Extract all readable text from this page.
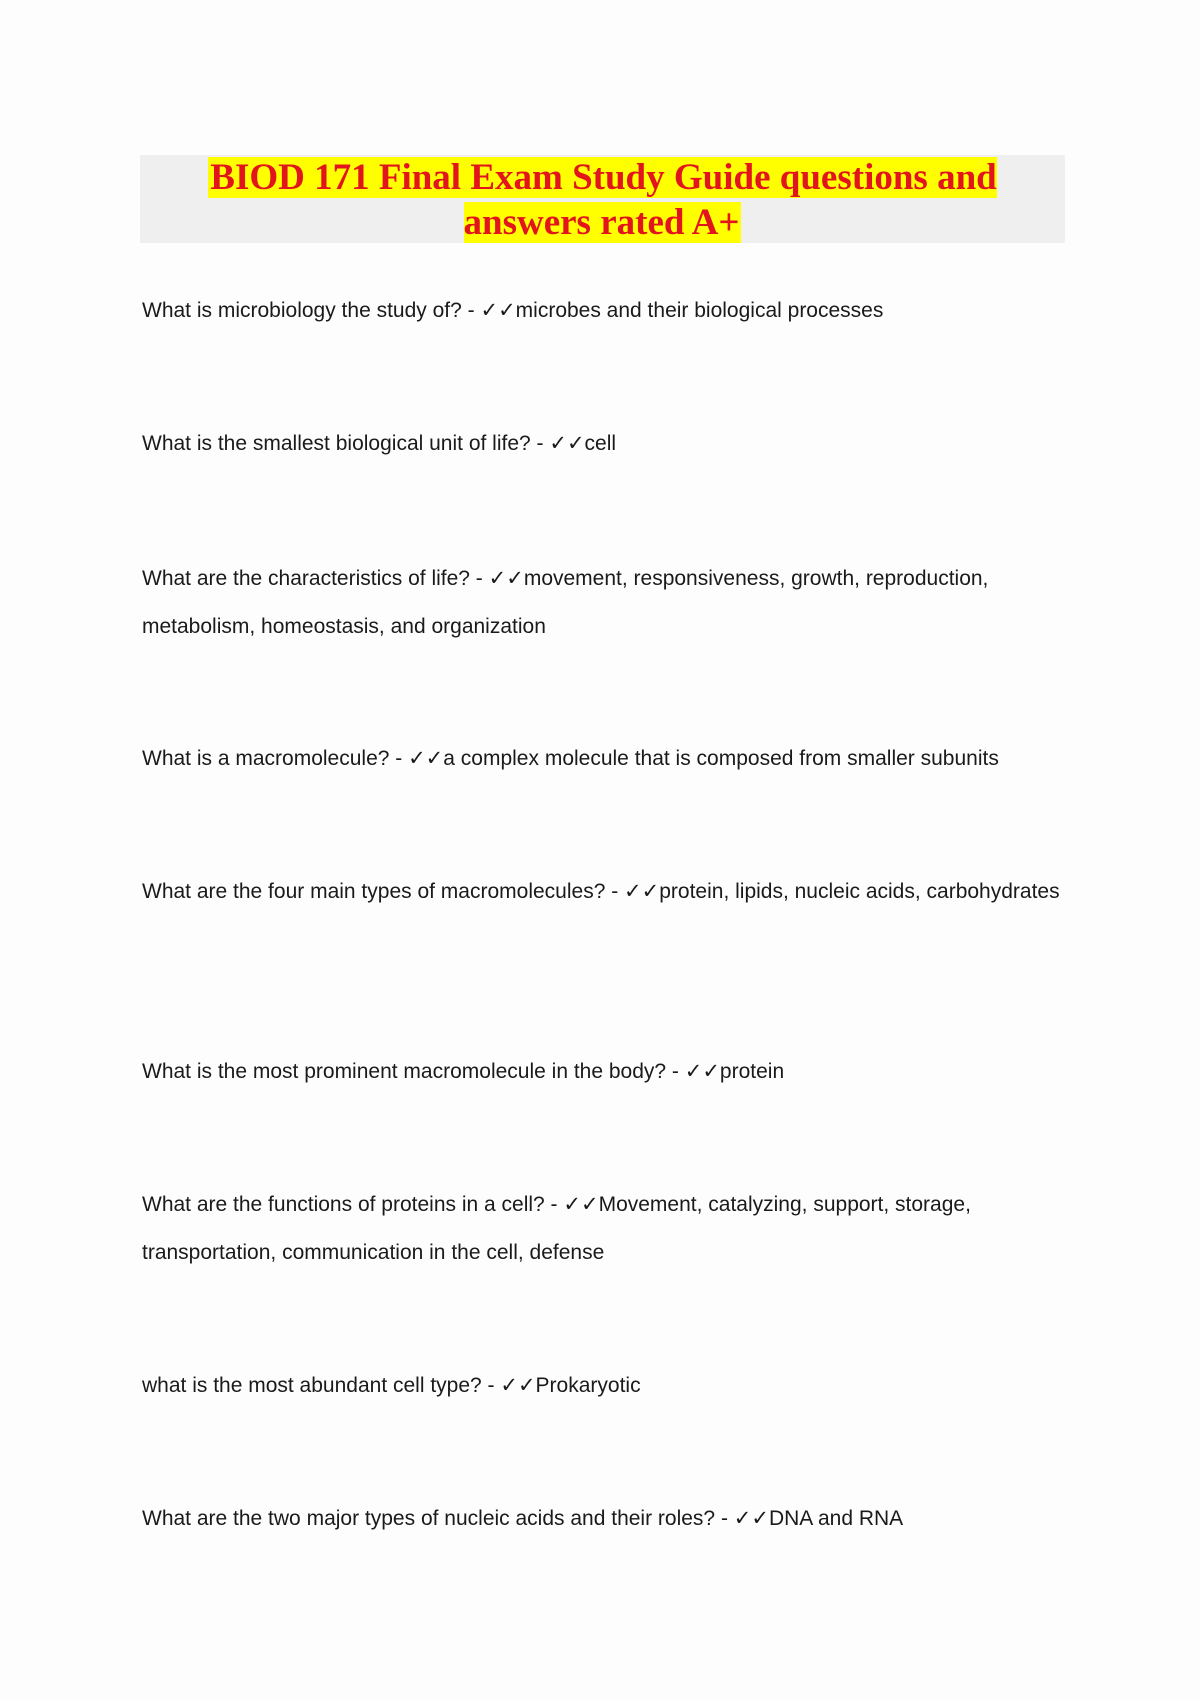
BIOD 171 Final Exam Study Guide questions and answers rated A+
What is microbiology the study of? - ✓✓microbes and their biological processes
What is the smallest biological unit of life? - ✓✓cell
What are the characteristics of life? - ✓✓movement, responsiveness, growth, reproduction, metabolism, homeostasis, and organization
What is a macromolecule? - ✓✓a complex molecule that is composed from smaller subunits
What are the four main types of macromolecules? - ✓✓protein, lipids, nucleic acids, carbohydrates
What is the most prominent macromolecule in the body? - ✓✓protein
What are the functions of proteins in a cell? - ✓✓Movement, catalyzing, support, storage, transportation, communication in the cell, defense
what is the most abundant cell type? - ✓✓Prokaryotic
What are the two major types of nucleic acids and their roles? - ✓✓DNA and RNA
